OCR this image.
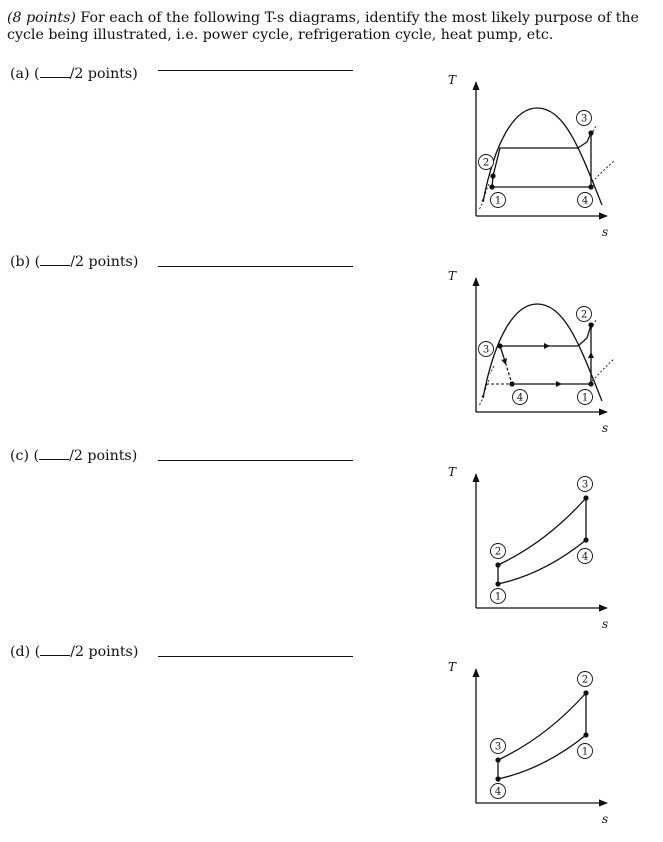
(8 points) For each of the following T-s diagrams, identify the most likely purpose of the cycle being illustrated, i.e. power cycle, refrigeration cycle, heat pump, etc.
(a) ( /2 points)
(b) ( /2 points)
(c) ( /2 points)
(d) ( /2 points)
T
s
1
2
3
4
T
s
1
2
3
4
T
s
1
2
3
4
T
s
1
2
3
4
